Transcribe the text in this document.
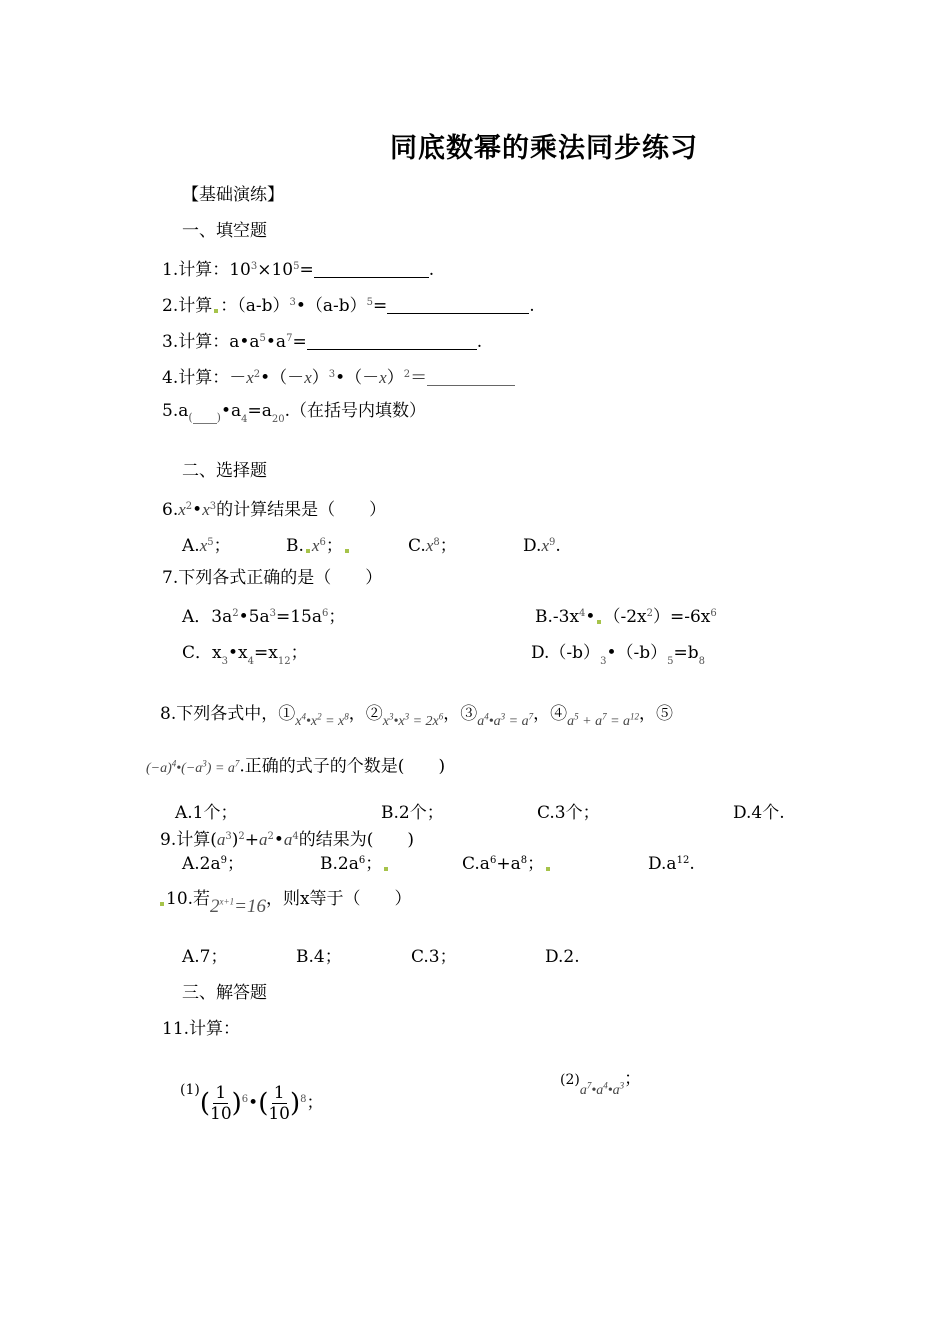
同底数幂的乘法同步练习
【基础演练】
一、填空题
1.计算：$10^3\times 10^5=$	.
2.计算 ：$(a-b)^3•(a-b)^5=$	.
3.计算：$a•a^5•a^7=$	.
4.计算：$-x^2•(-x)^3•(-x)^2=$
$5.a_{( )}•a_4=a_{20}$.（在括号内填数）
二、选择题
$6.x^2•x^3$的计算结果是（　　）
$A.x^5$；	B. $x^6$；	$C.x^8$；	$D.x^9$.
7.下列各式正确的是（　　）
A．$3a^2•5a^3=15a^6$；	$B.-3x^4•$ $(-2x^2)=-6x^6$
C．$x_3•x_4=x_{12}$；	$D.(-b)_3•(-b)_5=b_8$
8.下列各式中，$①_{x^4•x^2 = x^8}$，$②_{x^3•x^3 = 2x^6}$，$③_{a^4•a^3 = a^7}$，$④_{a^5 + a^7 = a^{12}}$，⑤
$(-a)^4•(-a^3) = a^7$.正确的式子的个数是(　　)
A.1个；	B.2个；	C.3个；	D.4个.
9.计算$(a^3)^2+a^2•a^4$的结果为(　　)
$A.2a^9$；	$B.2a^6$；	$C.a^6+a^8$；	$D.a^{12}$.
10.若$2^{x+1}=16$，则x等于（　　）
A.7；	B.4；	C.3；	D.2.
三、解答题
11.计算：
$^{(1)}( \frac{1}{10}$ )$^6•( \frac{1}{10} )^8$；
$(2)_{a^7•a^4•a^3}$；
